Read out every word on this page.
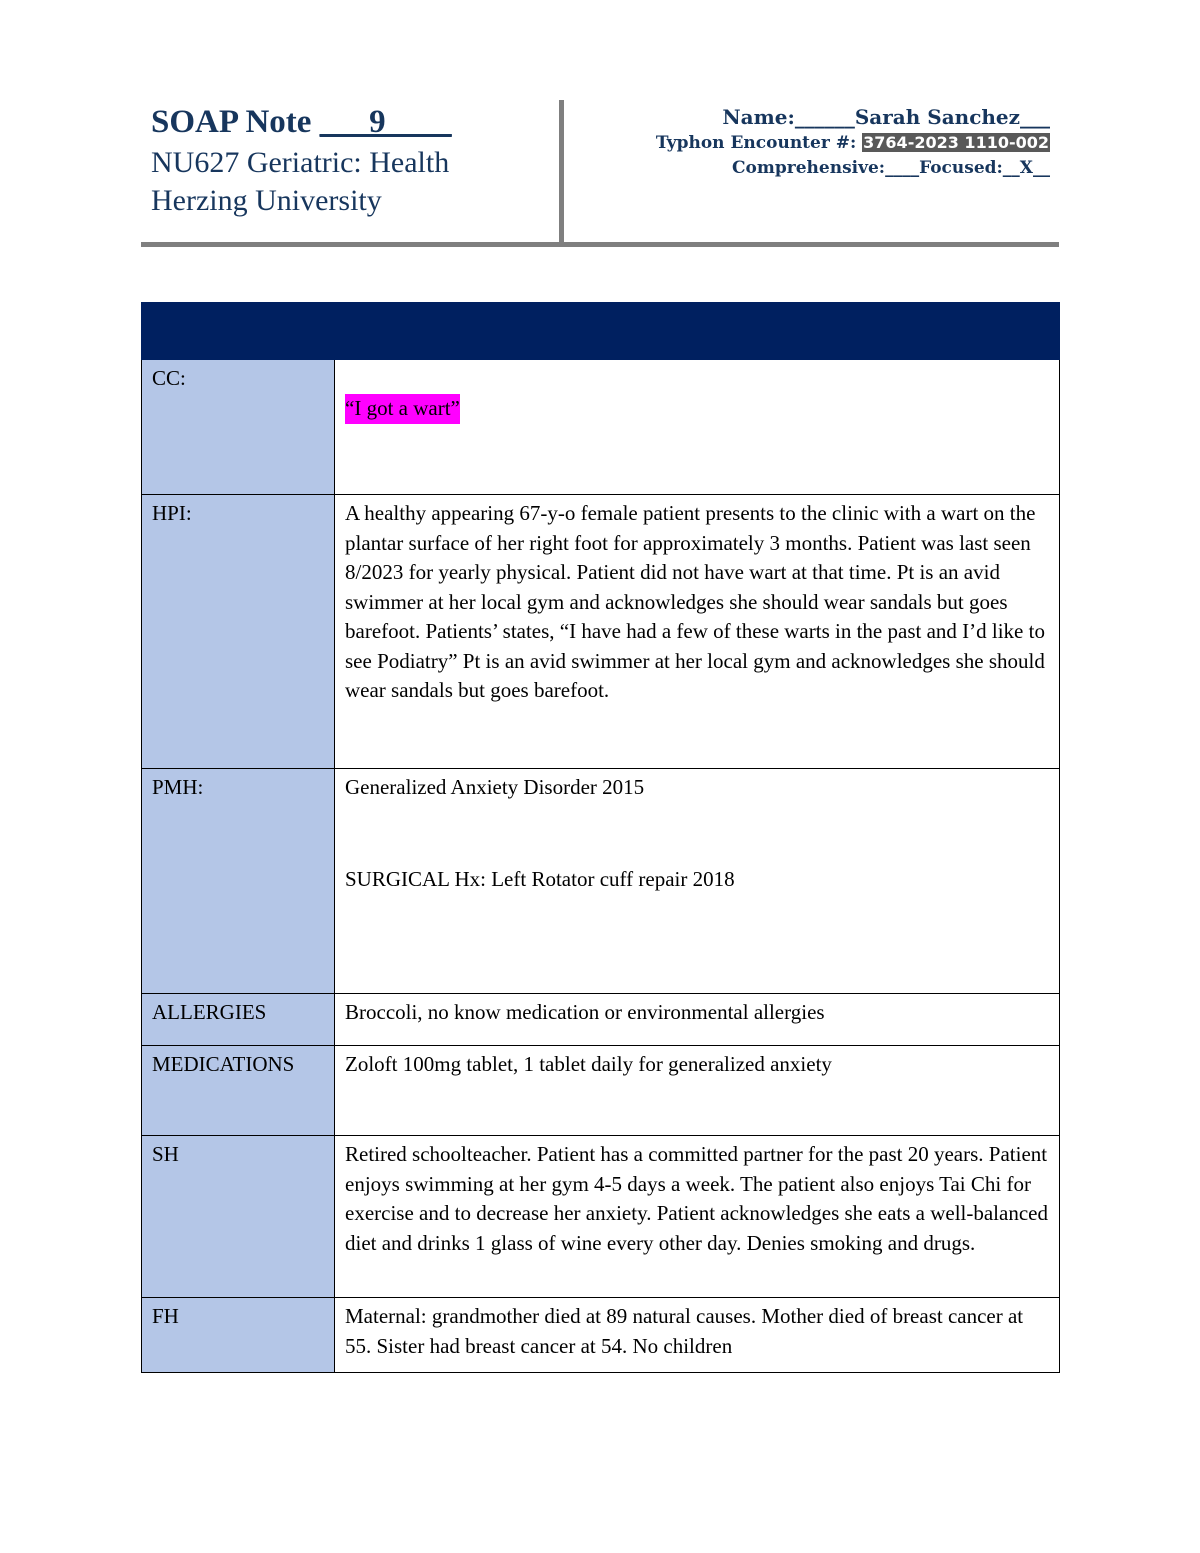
SOAP Note ___9____
NU627 Geriatric: Health
Herzing University
Name:______Sarah Sanchez___
Typhon Encounter #: 3764-2023 1110-002
Comprehensive:____Focused:__X__

CC:	“I got a wart”
HPI:	A healthy appearing 67-y-o female patient presents to the clinic with a wart on the plantar surface of her right foot for approximately 3 months. Patient was last seen 8/2023 for yearly physical. Patient did not have wart at that time. Pt is an avid swimmer at her local gym and acknowledges she should wear sandals but goes barefoot. Patients’ states, “I have had a few of these warts in the past and I’d like to see Podiatry” Pt is an avid swimmer at her local gym and acknowledges she should wear sandals but goes barefoot.
PMH:	Generalized Anxiety Disorder 2015
SURGICAL Hx: Left Rotator cuff repair 2018

ALLERGIES	Broccoli, no know medication or environmental allergies
MEDICATIONS	Zoloft 100mg tablet, 1 tablet daily for generalized anxiety
SH	Retired schoolteacher. Patient has a committed partner for the past 20 years. Patient enjoys swimming at her gym 4-5 days a week. The patient also enjoys Tai Chi for exercise and to decrease her anxiety. Patient acknowledges she eats a well-balanced diet and drinks 1 glass of wine every other day. Denies smoking and drugs.
FH	Maternal: grandmother died at 89 natural causes. Mother died of breast cancer at 55. Sister had breast cancer at 54. No children
